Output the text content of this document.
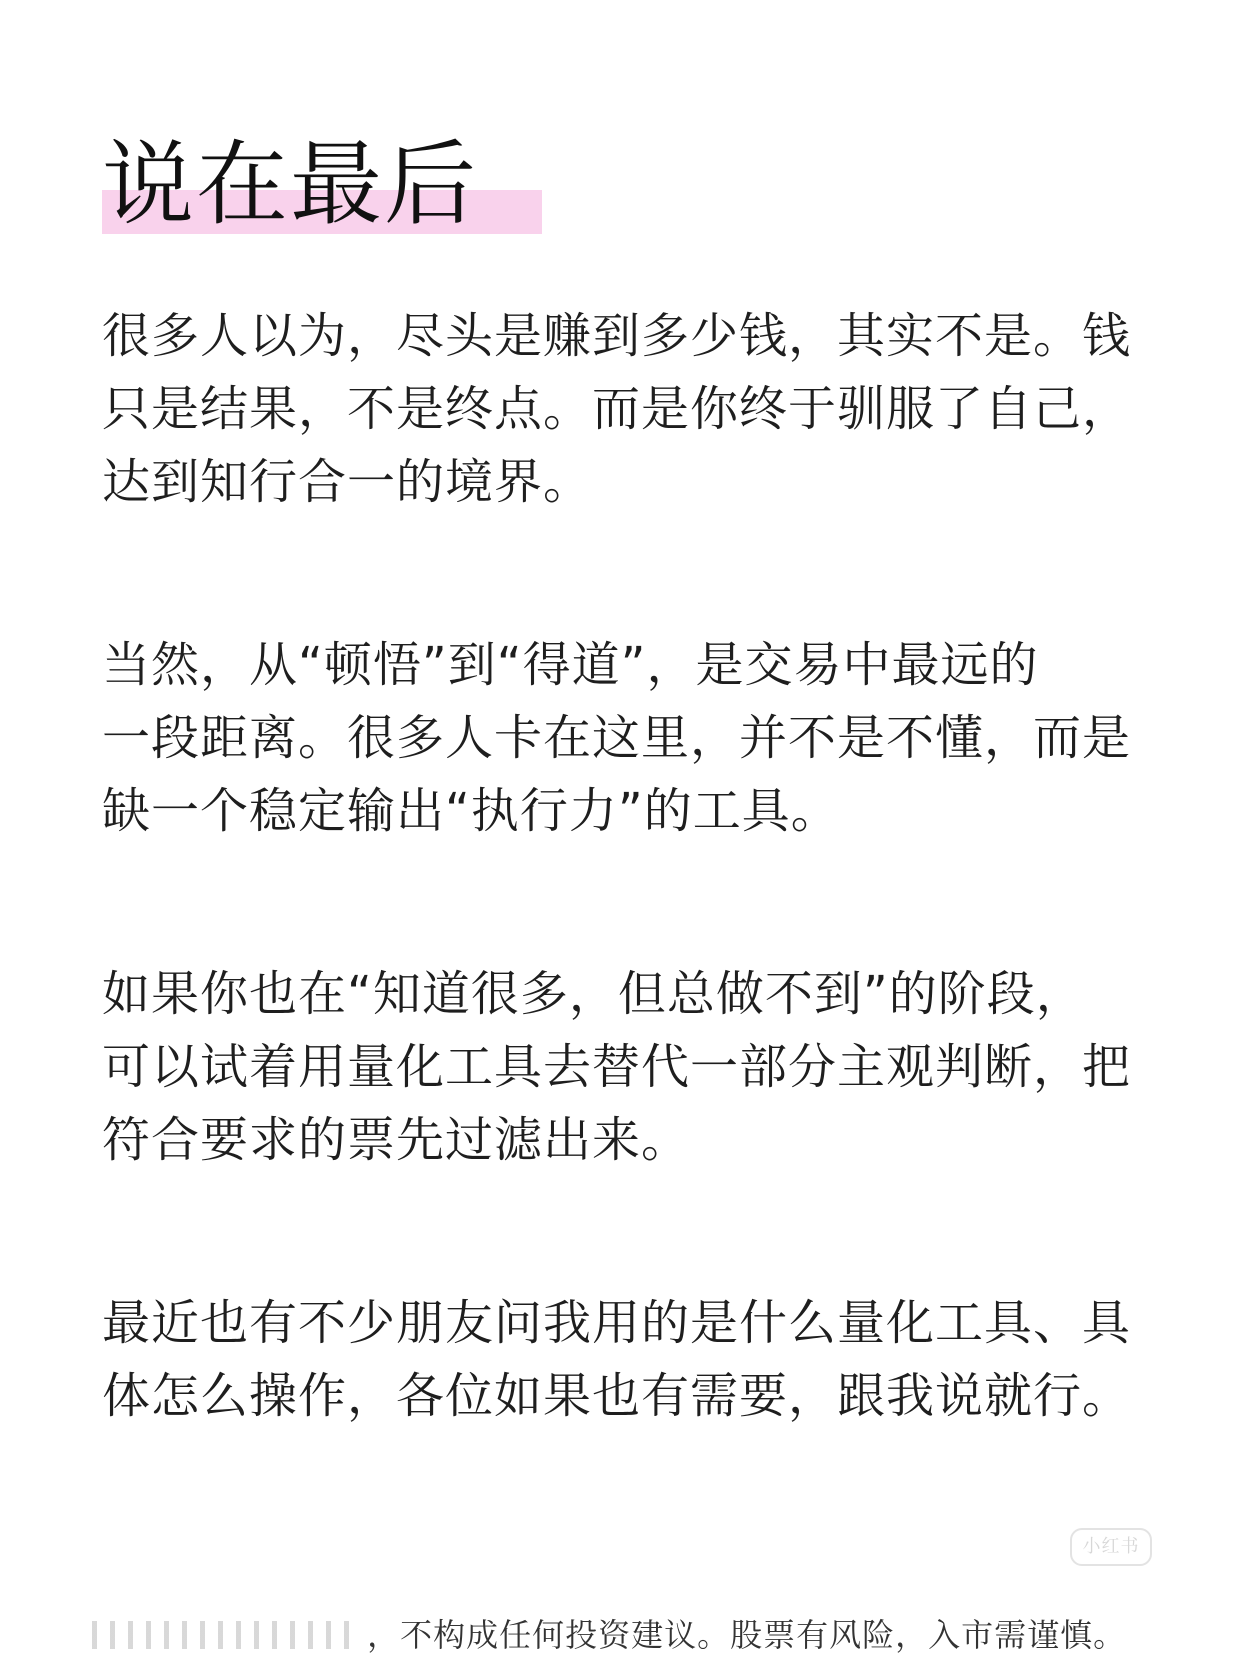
说在最后

很多人以为，尽头是赚到多少钱，其实不是。钱
只是结果，不是终点。而是你终于驯服了自己，
达到知行合一的境界。

当然，从“顿悟”到“得道”，是交易中最远的
一段距离。很多人卡在这里，并不是不懂，而是
缺一个稳定输出“执行力”的工具。

如果你也在“知道很多，但总做不到”的阶段，
可以试着用量化工具去替代一部分主观判断，把
符合要求的票先过滤出来。

最近也有不少朋友问我用的是什么量化工具、具
体怎么操作，各位如果也有需要，跟我说就行。

小红书
，不构成任何投资建议。股票有风险，入市需谨慎。
